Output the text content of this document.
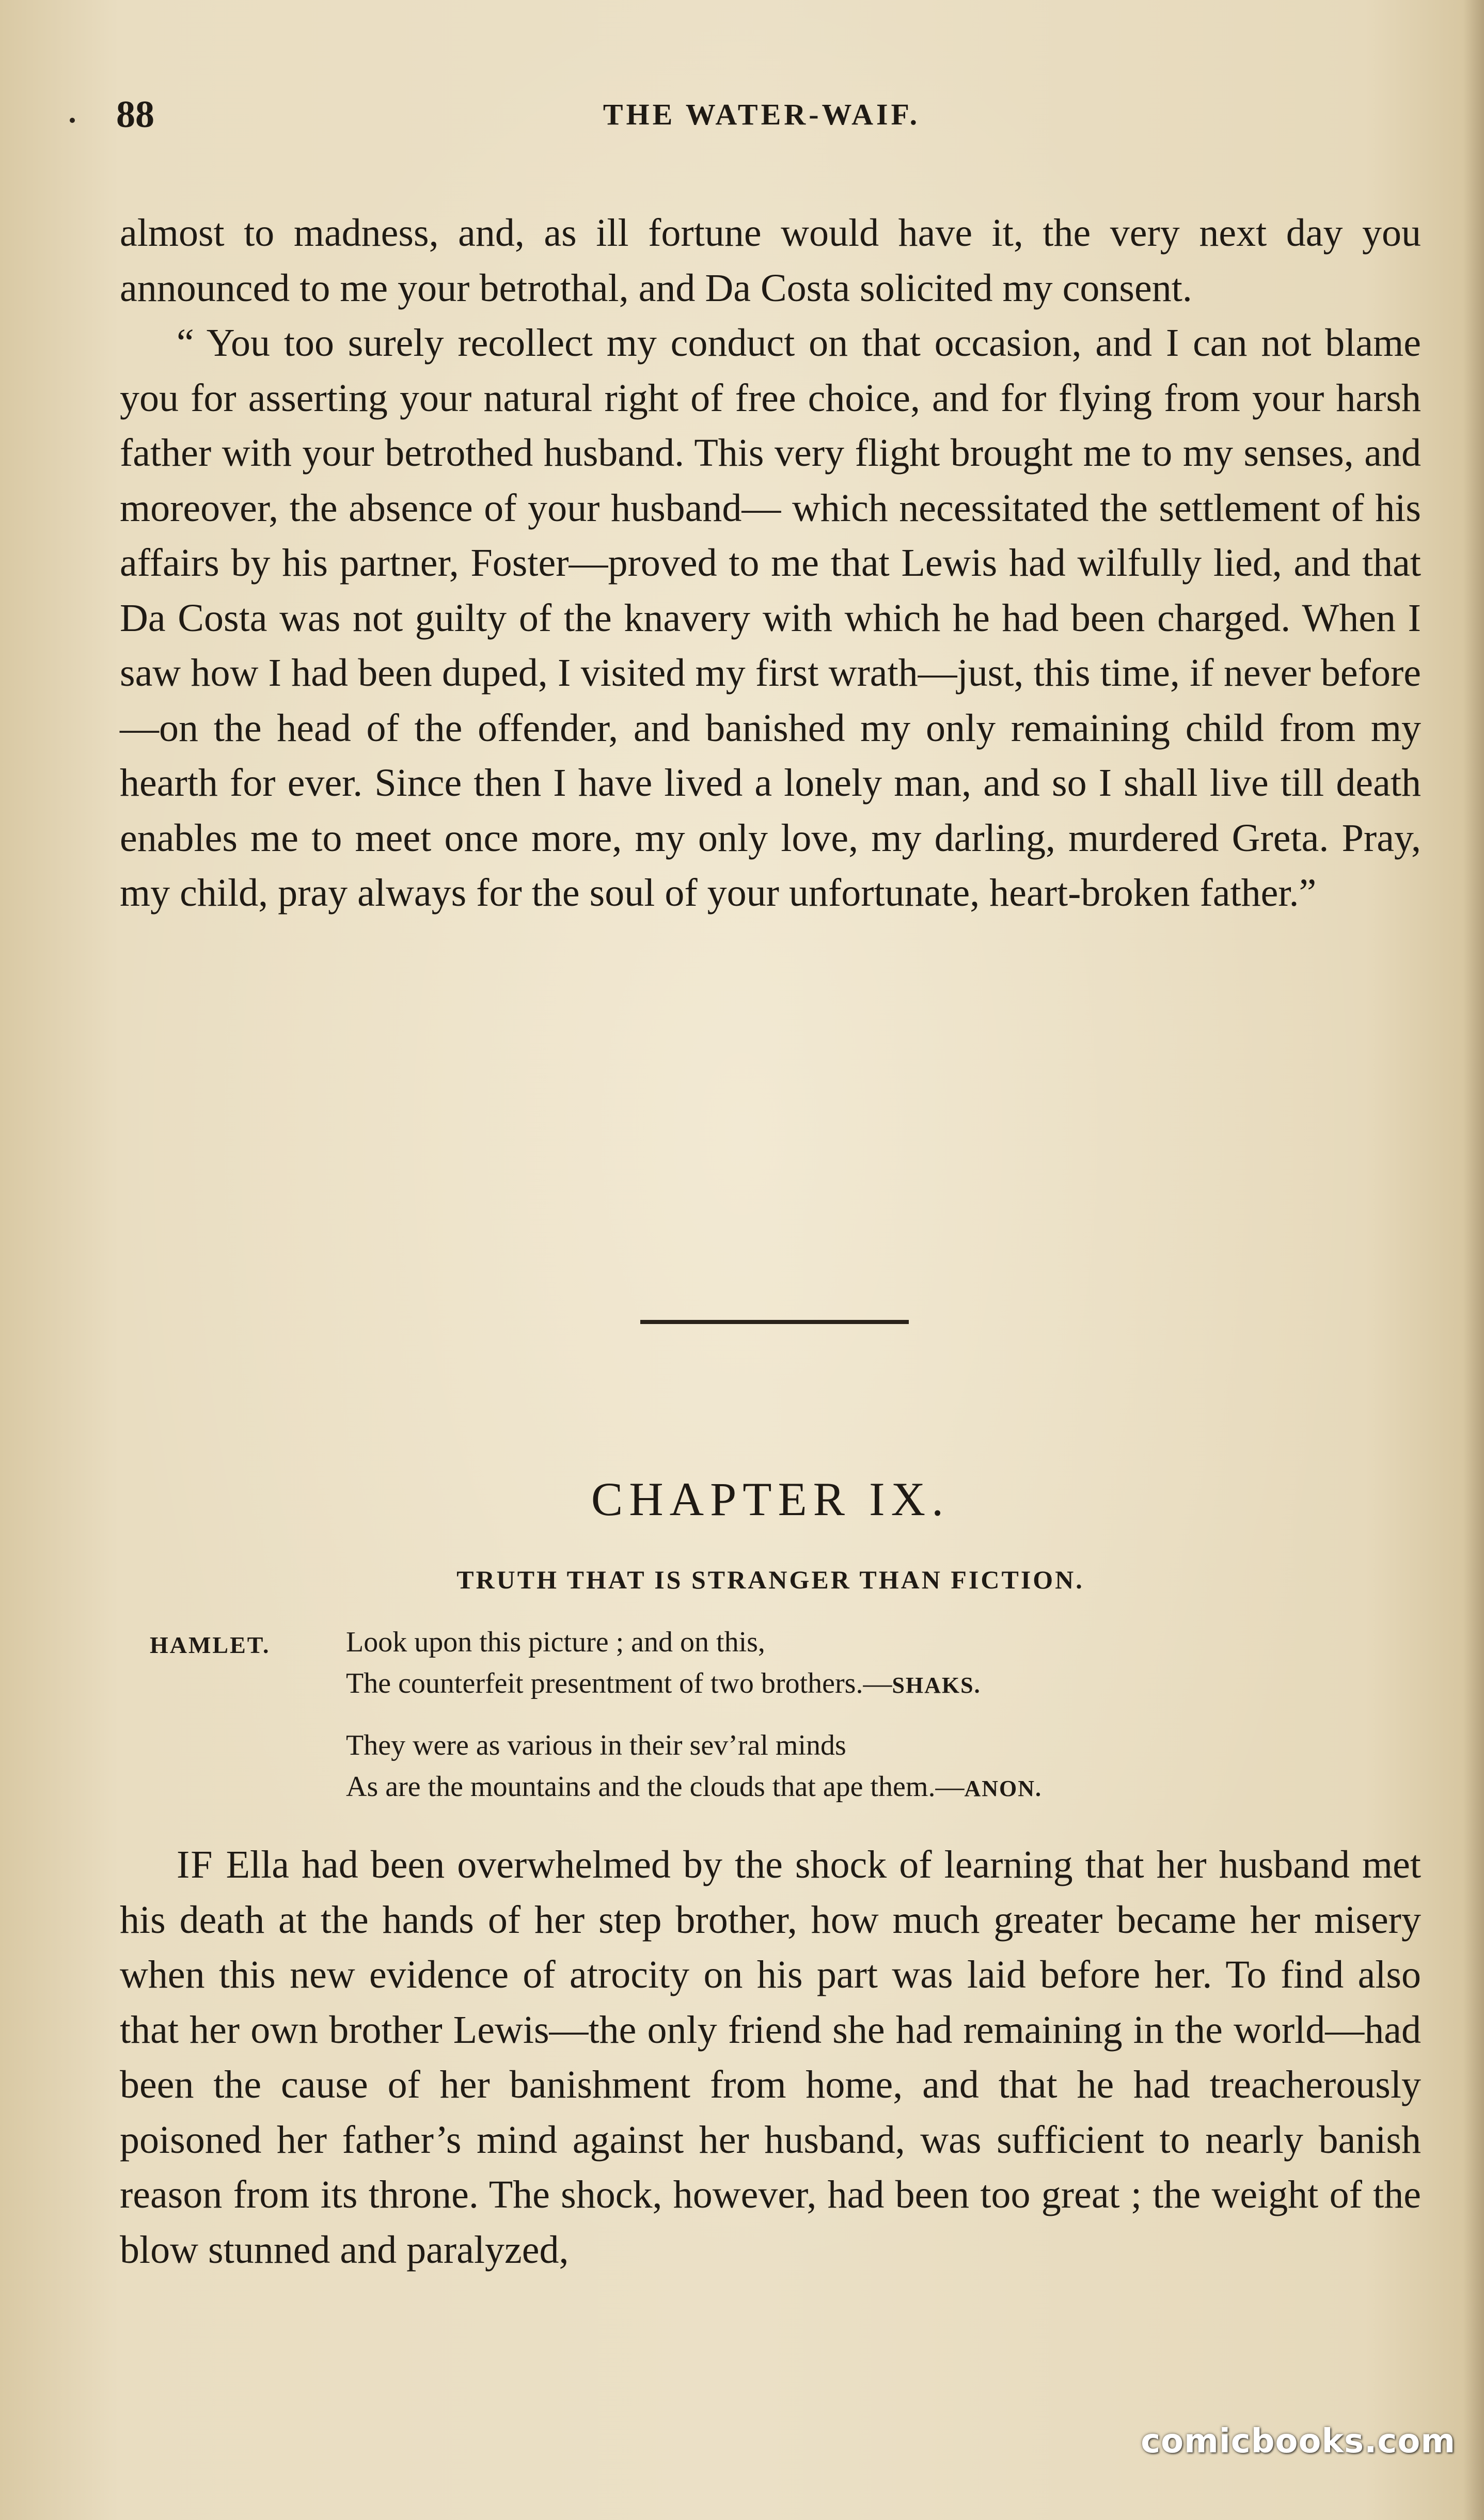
88	THE WATER-WAIF.

almost to madness, and, as ill fortune would have it, the very next day you announced to me your betrothal, and Da Costa solicited my consent.

“ You too surely recollect my conduct on that occasion, and I can not blame you for asserting your natural right of free choice, and for flying from your harsh father with your betrothed husband. This very flight brought me to my senses, and moreover, the absence of your husband— which necessitated the settlement of his affairs by his partner, Foster—proved to me that Lewis had wilfully lied, and that Da Costa was not guilty of the knavery with which he had been charged. When I saw how I had been duped, I visited my first wrath—just, this time, if never before—on the head of the offender, and banished my only remaining child from my hearth for ever. Since then I have lived a lonely man, and so I shall live till death enables me to meet once more, my only love, my darling, murdered Greta. Pray, my child, pray always for the soul of your unfortunate, heart-broken father.”

CHAPTER IX.
TRUTH THAT IS STRANGER THAN FICTION.
HAMLET.	Look upon this picture ; and on this,
The counterfeit presentment of two brothers.—SHAKS.
They were as various in their sev’ral minds
As are the mountains and the clouds that ape them.—ANON.

IF Ella had been overwhelmed by the shock of learning that her husband met his death at the hands of her step brother, how much greater became her misery when this new evidence of atrocity on his part was laid before her. To find also that her own brother Lewis—the only friend she had remaining in the world—had been the cause of her banishment from home, and that he had treacherously poisoned her father’s mind against her husband, was sufficient to nearly banish reason from its throne. The shock, however, had been too great ; the weight of the blow stunned and paralyzed,

comicbooks.com
